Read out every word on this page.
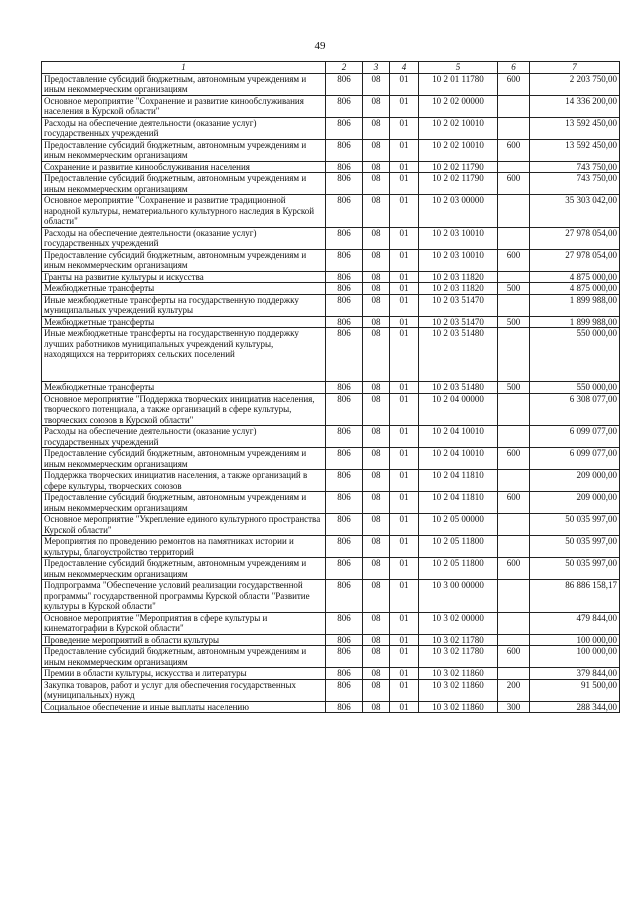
49
1	2	3	4	5	6	7
Предоставление субсидий бюджетным, автономным учреждениям и иным некоммерческим организациям	806	08	01	10 2 01 11780	600	2 203 750,00
Основное мероприятие "Сохранение и развитие кинообслуживания населения в Курской области"	806	08	01	10 2 02 00000		14 336 200,00
Расходы на обеспечение деятельности (оказание услуг) государственных учреждений	806	08	01	10 2 02 10010		13 592 450,00
Предоставление субсидий бюджетным, автономным учреждениям и иным некоммерческим организациям	806	08	01	10 2 02 10010	600	13 592 450,00
Сохранение и развитие кинообслуживания населения	806	08	01	10 2 02 11790		743 750,00
Предоставление субсидий бюджетным, автономным учреждениям и иным некоммерческим организациям	806	08	01	10 2 02 11790	600	743 750,00
Основное мероприятие "Сохранение и развитие традиционной народной культуры, нематериального культурного наследия в Курской области"	806	08	01	10 2 03 00000		35 303 042,00
Расходы на обеспечение деятельности (оказание услуг) государственных учреждений	806	08	01	10 2 03 10010		27 978 054,00
Предоставление субсидий бюджетным, автономным учреждениям и иным некоммерческим организациям	806	08	01	10 2 03 10010	600	27 978 054,00
Гранты на развитие культуры и искусства	806	08	01	10 2 03 11820		4 875 000,00
Межбюджетные трансферты	806	08	01	10 2 03 11820	500	4 875 000,00
Иные межбюджетные трансферты на государственную поддержку муниципальных учреждений культуры	806	08	01	10 2 03 51470		1 899 988,00
Межбюджетные трансферты	806	08	01	10 2 03 51470	500	1 899 988,00
Иные межбюджетные трансферты на государственную поддержку лучших работников муниципальных учреждений культуры, находящихся на территориях сельских поселений	806	08	01	10 2 03 51480		550 000,00
Межбюджетные трансферты	806	08	01	10 2 03 51480	500	550 000,00
Основное мероприятие "Поддержка творческих инициатив населения, творческого потенциала, а также организаций в сфере культуры, творческих союзов в Курской области"	806	08	01	10 2 04 00000		6 308 077,00
Расходы на обеспечение деятельности (оказание услуг) государственных учреждений	806	08	01	10 2 04 10010		6 099 077,00
Предоставление субсидий бюджетным, автономным учреждениям и иным некоммерческим организациям	806	08	01	10 2 04 10010	600	6 099 077,00
Поддержка творческих инициатив населения, а также организаций в сфере культуры, творческих союзов	806	08	01	10 2 04 11810		209 000,00
Предоставление субсидий бюджетным, автономным учреждениям и иным некоммерческим организациям	806	08	01	10 2 04 11810	600	209 000,00
Основное мероприятие "Укрепление единого культурного пространства Курской области"	806	08	01	10 2 05 00000		50 035 997,00
Мероприятия по проведению ремонтов на памятниках истории и культуры, благоустройство территорий	806	08	01	10 2 05 11800		50 035 997,00
Предоставление субсидий бюджетным, автономным учреждениям и иным некоммерческим организациям	806	08	01	10 2 05 11800	600	50 035 997,00
Подпрограмма "Обеспечение условий реализации государственной программы" государственной программы Курской области "Развитие культуры в Курской области"	806	08	01	10 3 00 00000		86 886 158,17
Основное мероприятие "Мероприятия в сфере культуры и кинематографии в Курской области"	806	08	01	10 3 02 00000		479 844,00
Проведение мероприятий в области культуры	806	08	01	10 3 02 11780		100 000,00
Предоставление субсидий бюджетным, автономным учреждениям и иным некоммерческим организациям	806	08	01	10 3 02 11780	600	100 000,00
Премии в области культуры, искусства и литературы	806	08	01	10 3 02 11860		379 844,00
Закупка товаров, работ и услуг для обеспечения государственных (муниципальных) нужд	806	08	01	10 3 02 11860	200	91 500,00
Социальное обеспечение и иные выплаты населению	806	08	01	10 3 02 11860	300	288 344,00
